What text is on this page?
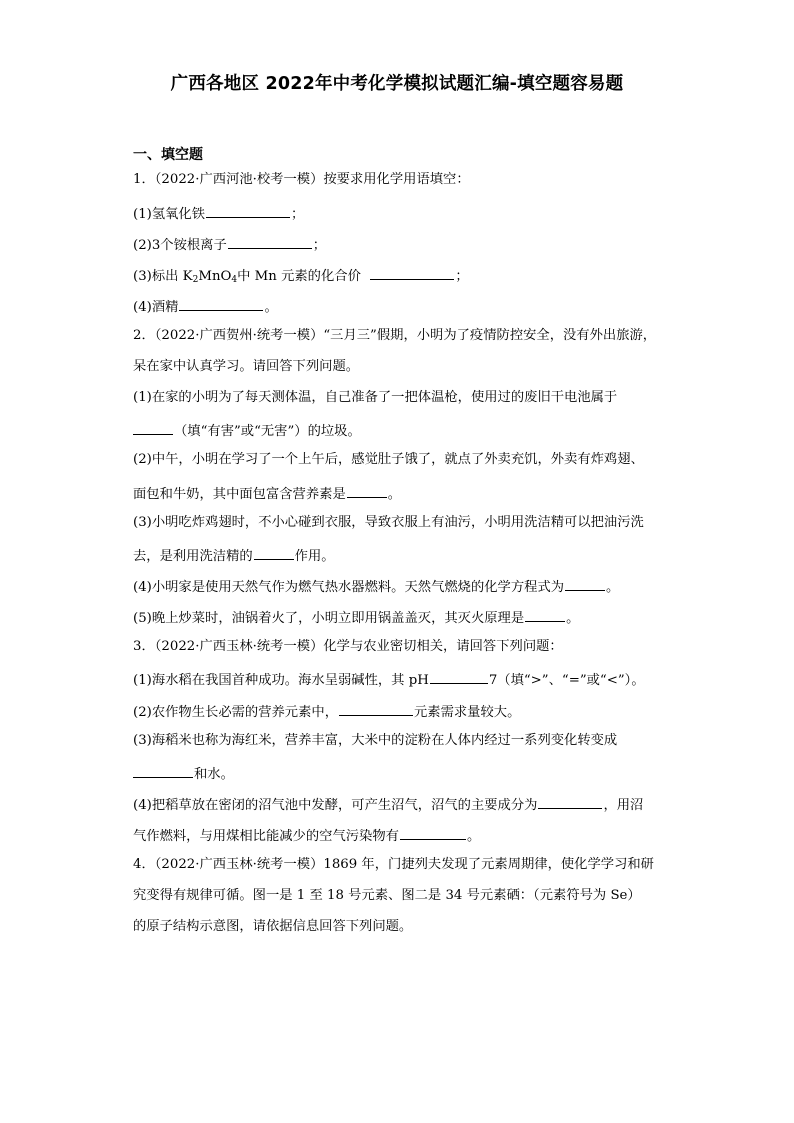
广西各地区 2022年中考化学模拟试题汇编-填空题容易题
一、填空题
1．（2022·广西河池·校考一模）按要求用化学用语填空：
(1)氢氧化铁	；
(2)3个铵根离子	；
(3)标出 $K_2MnO_4$中 Mn 元素的化合价	；
(4)酒精	。
2．（2022·广西贺州·统考一模）“三月三”假期，小明为了疫情防控安全，没有外出旅游，
呆在家中认真学习。请回答下列问题。
(1)在家的小明为了每天测体温，自己准备了一把体温枪，使用过的废旧干电池属于
（填“有害”或“无害”）的垃圾。
(2)中午，小明在学习了一个上午后，感觉肚子饿了，就点了外卖充饥，外卖有炸鸡翅、
面包和牛奶，其中面包富含营养素是	。
(3)小明吃炸鸡翅时，不小心碰到衣服，导致衣服上有油污，小明用洗洁精可以把油污洗
去，是利用洗洁精的	作用。
(4)小明家是使用天然气作为燃气热水器燃料。天然气燃烧的化学方程式为	。
(5)晚上炒菜时，油锅着火了，小明立即用锅盖盖灭，其灭火原理是	。
3．（2022·广西玉林·统考一模）化学与农业密切相关，请回答下列问题：
(1)海水稻在我国首种成功。海水呈弱碱性，其 pH	7（填“>”、“=”或“<”）。
(2)农作物生长必需的营养元素中，	元素需求量较大。
(3)海稻米也称为海红米，营养丰富，大米中的淀粉在人体内经过一系列变化转变成
和水。
(4)把稻草放在密闭的沼气池中发酵，可产生沼气，沼气的主要成分为	，用沼
气作燃料，与用煤相比能减少的空气污染物有	。
4．（2022·广西玉林·统考一模）1869 年，门捷列夫发现了元素周期律，使化学学习和研
究变得有规律可循。图一是 1 至 18 号元素、图二是 34 号元素硒：（元素符号为 Se）
的原子结构示意图，请依据信息回答下列问题。
